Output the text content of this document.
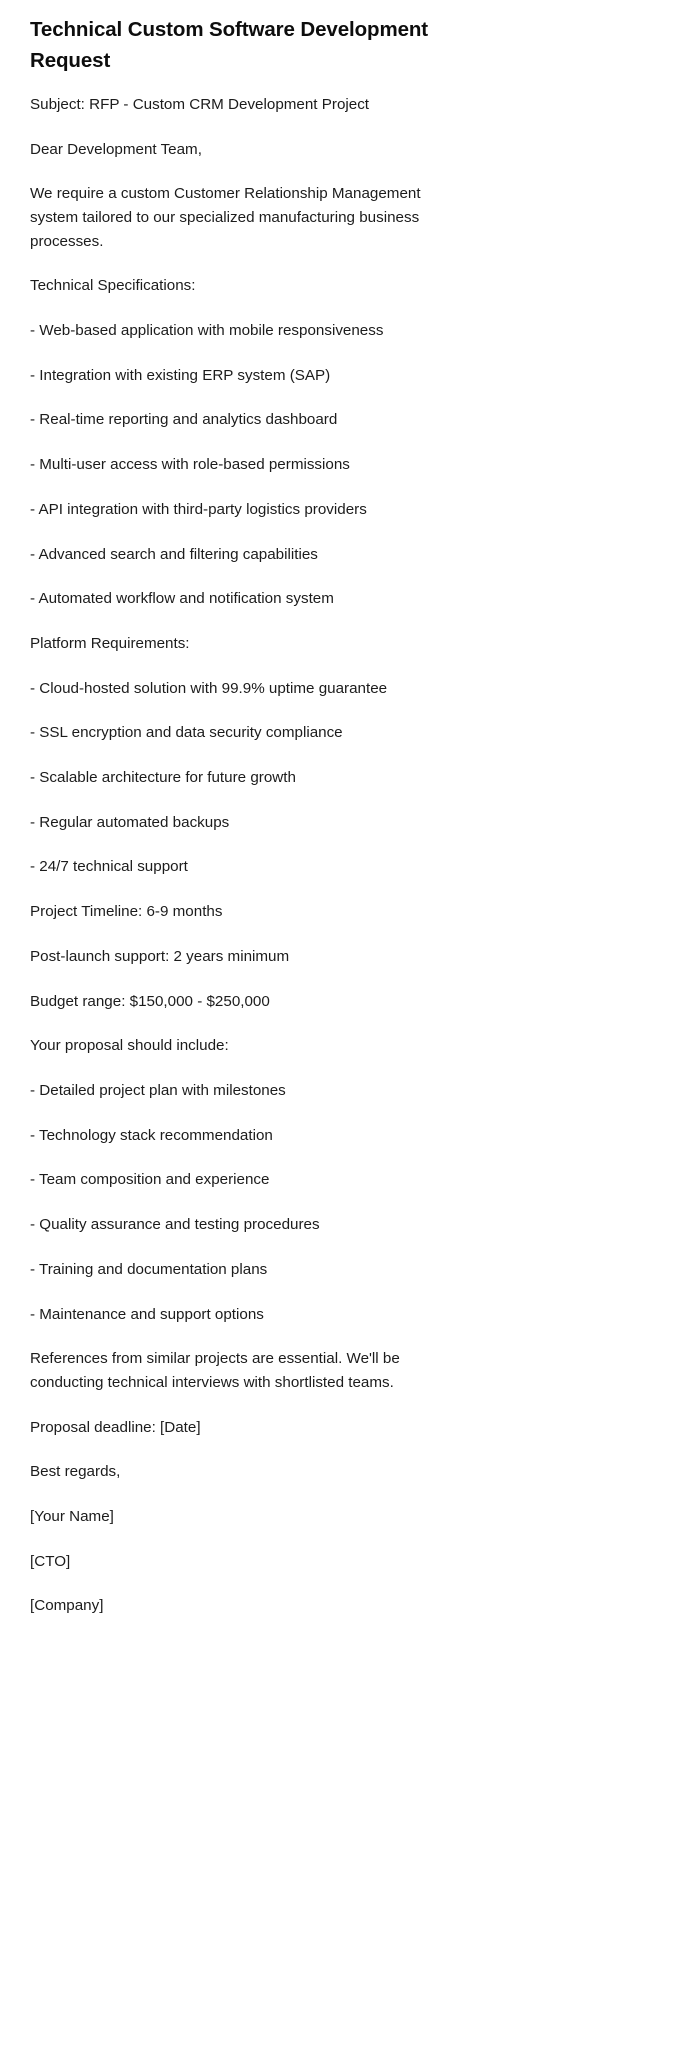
Technical Custom Software Development Request

Subject: RFP - Custom CRM Development Project

Dear Development Team,

We require a custom Customer Relationship Management system tailored to our specialized manufacturing business processes.

Technical Specifications:

- Web-based application with mobile responsiveness

- Integration with existing ERP system (SAP)

- Real-time reporting and analytics dashboard

- Multi-user access with role-based permissions

- API integration with third-party logistics providers

- Advanced search and filtering capabilities

- Automated workflow and notification system

Platform Requirements:

- Cloud-hosted solution with 99.9% uptime guarantee

- SSL encryption and data security compliance

- Scalable architecture for future growth

- Regular automated backups

- 24/7 technical support

Project Timeline: 6-9 months

Post-launch support: 2 years minimum

Budget range: $150,000 - $250,000

Your proposal should include:

- Detailed project plan with milestones

- Technology stack recommendation

- Team composition and experience

- Quality assurance and testing procedures

- Training and documentation plans

- Maintenance and support options

References from similar projects are essential. We'll be conducting technical interviews with shortlisted teams.

Proposal deadline: [Date]

Best regards,

[Your Name]

[CTO]

[Company]
